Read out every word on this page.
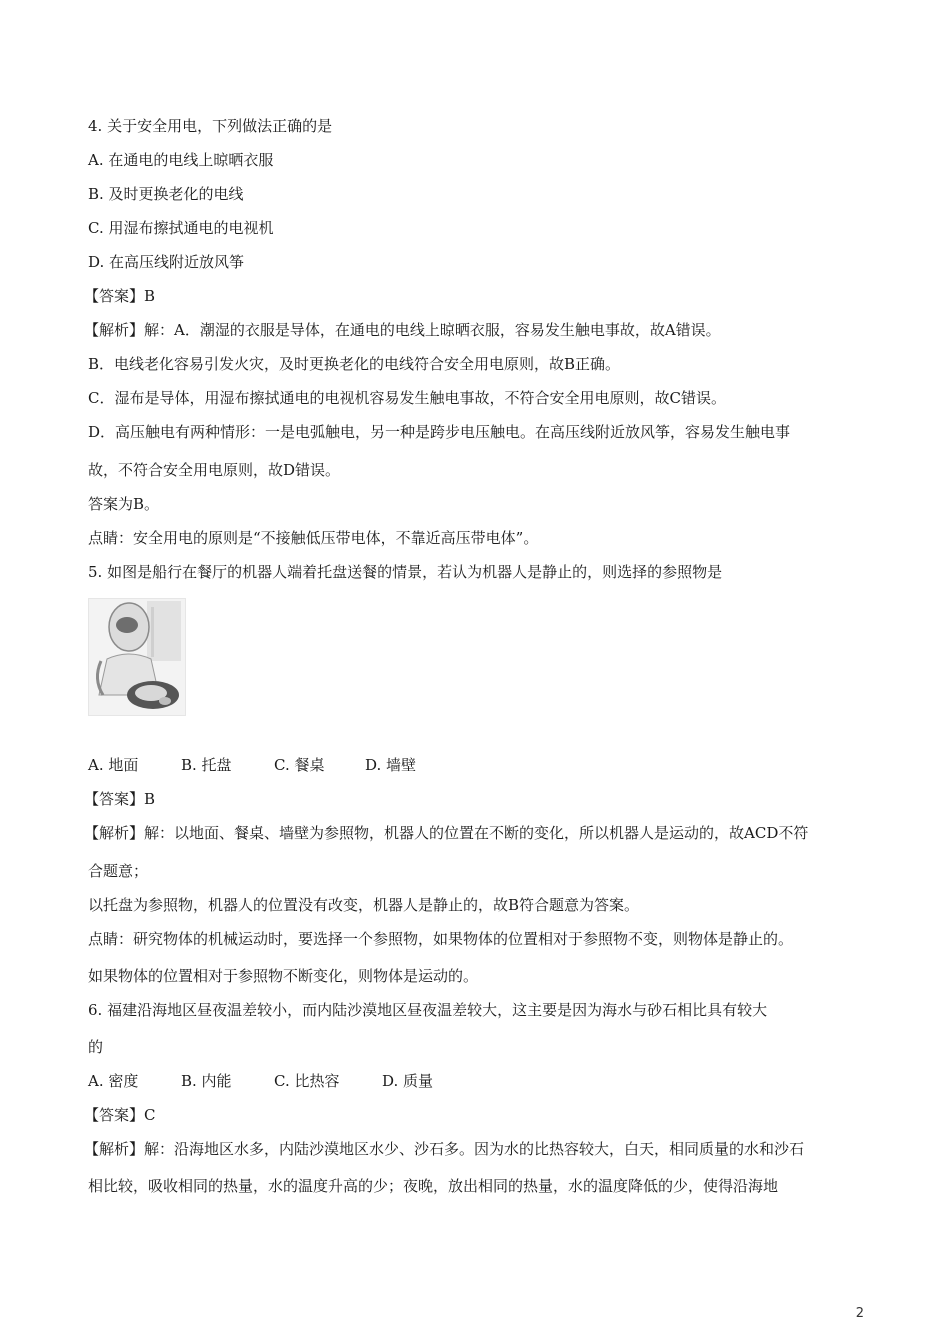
4. 关于安全用电，下列做法正确的是
A. 在通电的电线上晾晒衣服
B. 及时更换老化的电线
C. 用湿布擦拭通电的电视机
D. 在高压线附近放风筝
【答案】B
【解析】解：A．潮湿的衣服是导体，在通电的电线上晾晒衣服，容易发生触电事故，故A错误。
B．电线老化容易引发火灾，及时更换老化的电线符合安全用电原则，故B正确。
C．湿布是导体，用湿布擦拭通电的电视机容易发生触电事故，不符合安全用电原则，故C错误。
D．高压触电有两种情形：一是电弧触电，另一种是跨步电压触电。在高压线附近放风筝，容易发生触电事
故，不符合安全用电原则，故D错误。
答案为B。
点睛：安全用电的原则是“不接触低压带电体，不靠近高压带电体”。
5. 如图是船行在餐厅的机器人端着托盘送餐的情景，若认为机器人是静止的，则选择的参照物是
A. 地面	B. 托盘	C. 餐桌	D. 墙壁
【答案】B
【解析】解：以地面、餐桌、墙壁为参照物，机器人的位置在不断的变化，所以机器人是运动的，故ACD不符
合题意；
以托盘为参照物，机器人的位置没有改变，机器人是静止的，故B符合题意为答案。
点睛：研究物体的机械运动时，要选择一个参照物，如果物体的位置相对于参照物不变，则物体是静止的。
如果物体的位置相对于参照物不断变化，则物体是运动的。
6. 福建沿海地区昼夜温差较小，而内陆沙漠地区昼夜温差较大，这主要是因为海水与砂石相比具有较大
的
A. 密度	B. 内能	C. 比热容	D. 质量
【答案】C
【解析】解：沿海地区水多，内陆沙漠地区水少、沙石多。因为水的比热容较大，白天，相同质量的水和沙石
相比较，吸收相同的热量，水的温度升高的少；夜晚，放出相同的热量，水的温度降低的少，使得沿海地
2
